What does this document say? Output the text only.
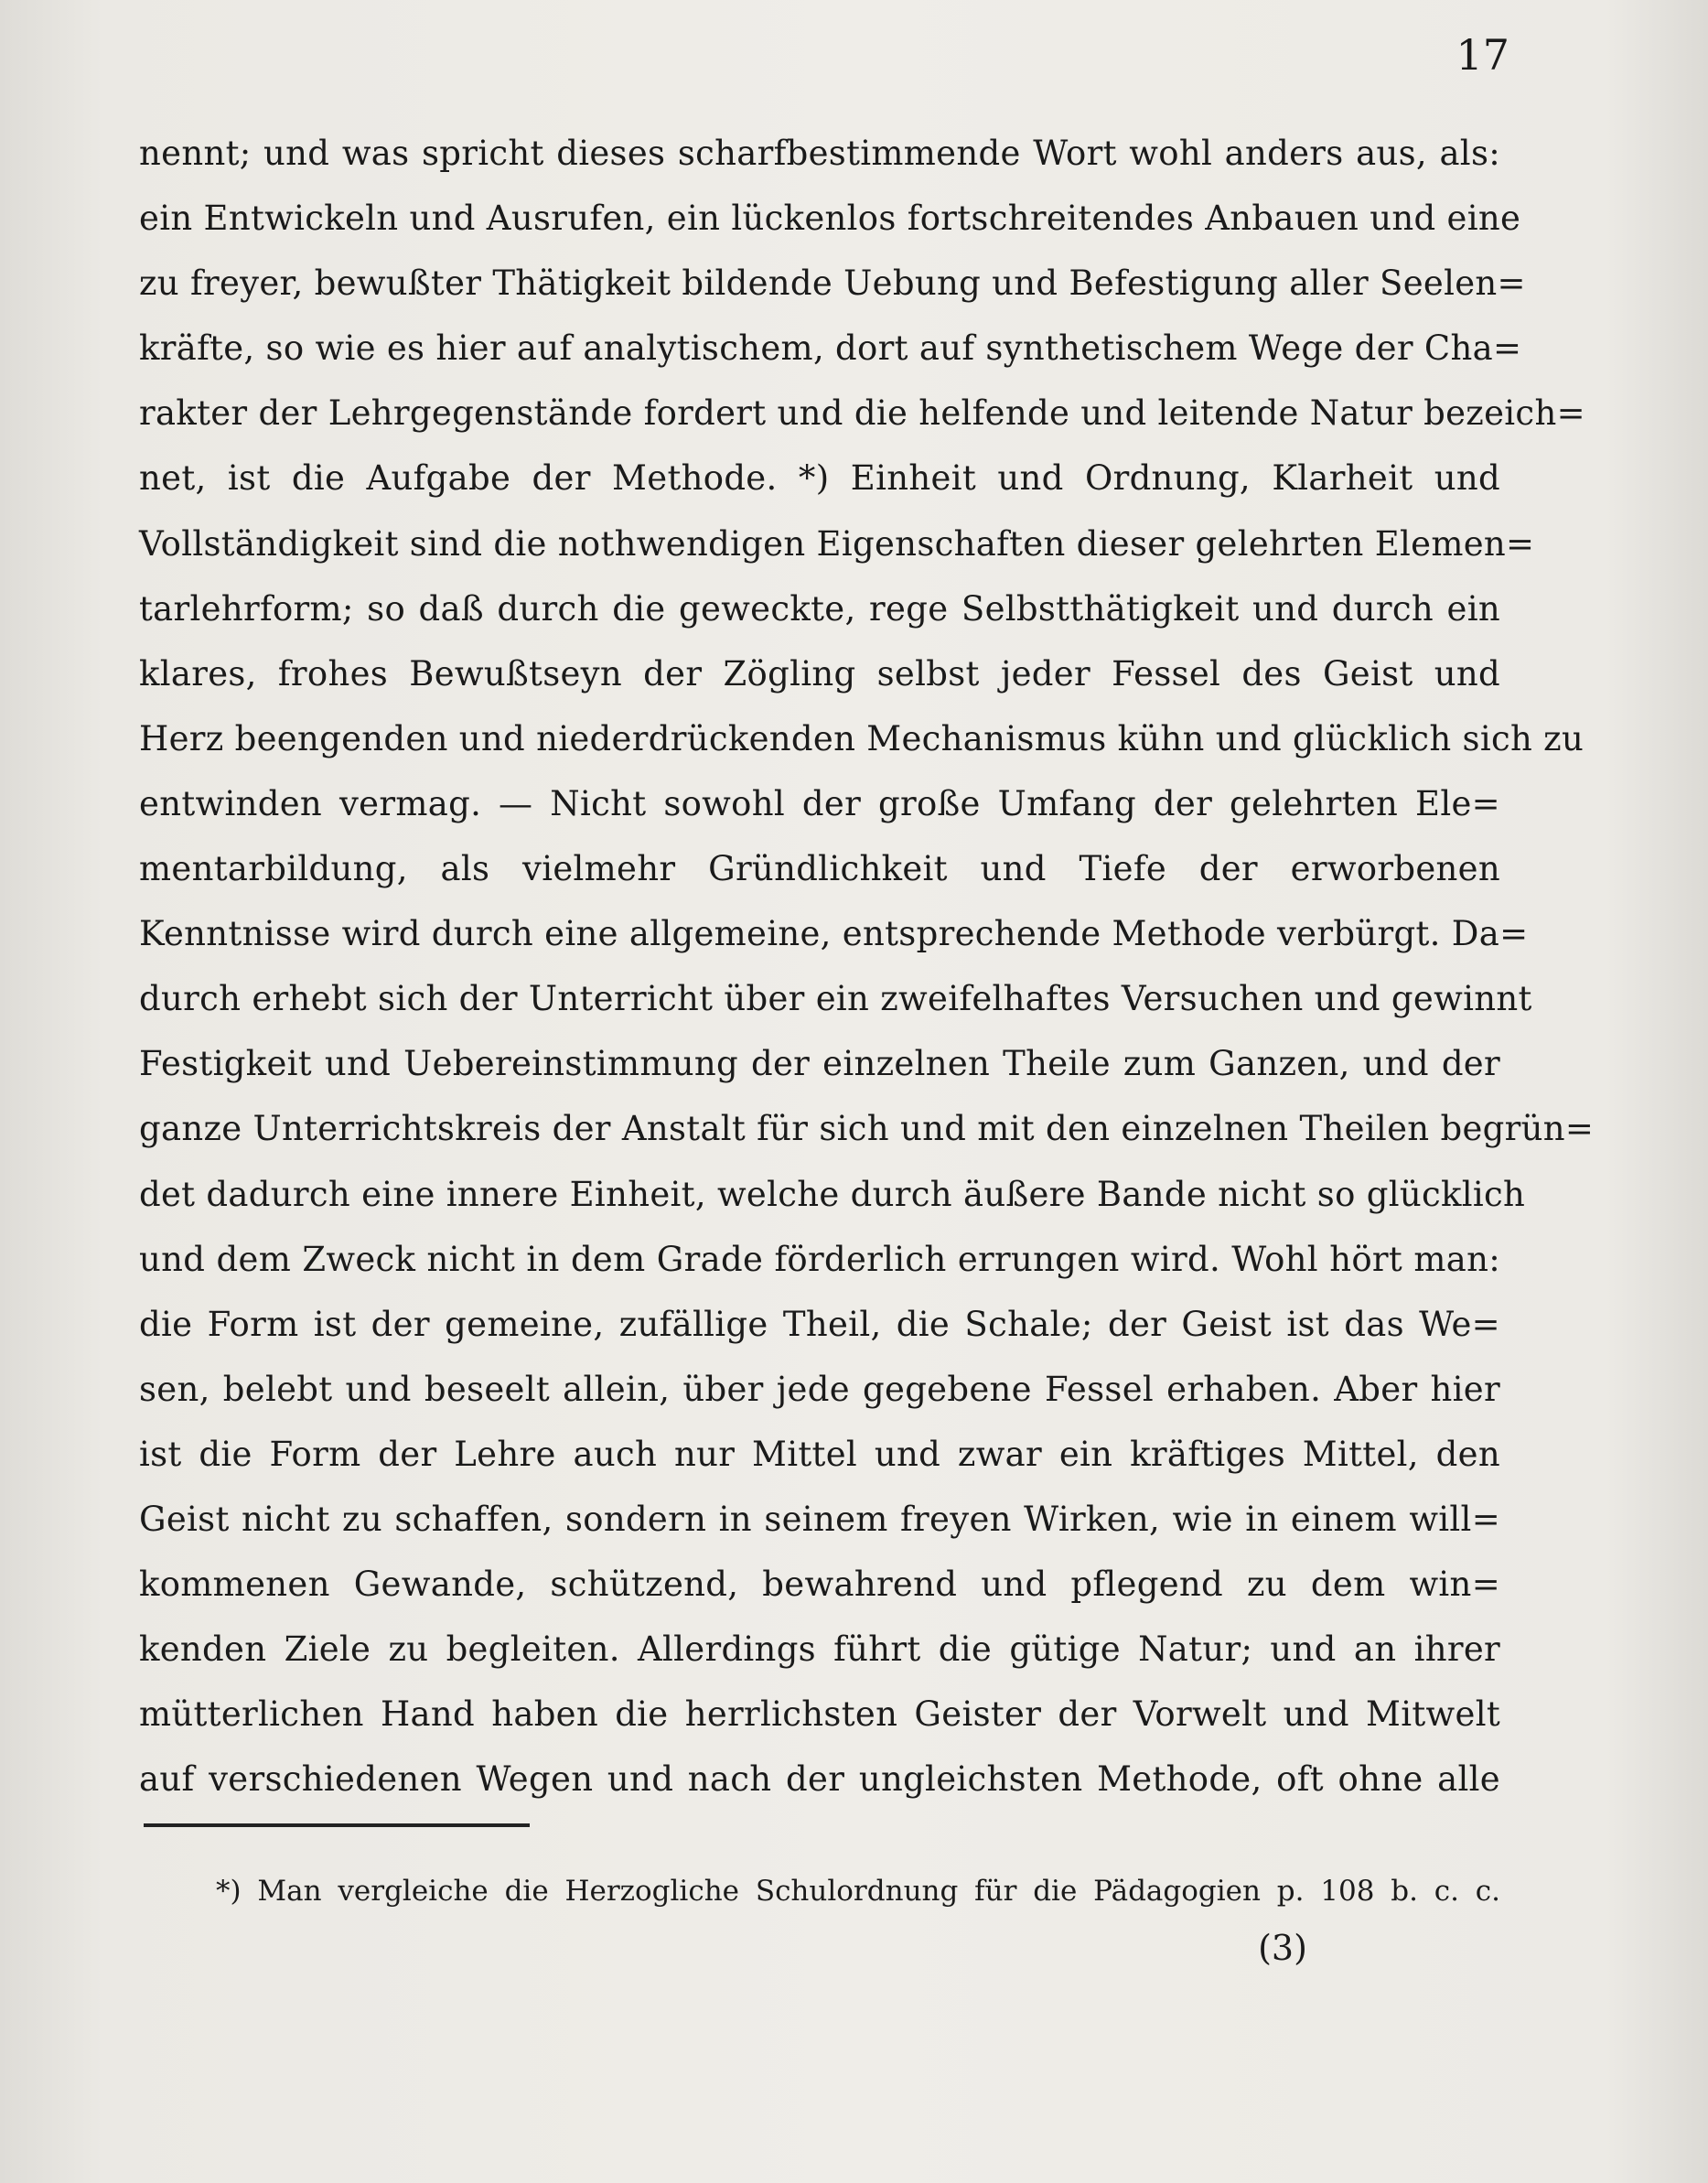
17
nennt; und was spricht dieses scharfbestimmende Wort wohl anders aus, als:
ein Entwickeln und Ausrufen, ein lückenlos fortschreitendes Anbauen und eine
zu freyer, bewußter Thätigkeit bildende Uebung und Befestigung aller Seelen=
kräfte, so wie es hier auf analytischem, dort auf synthetischem Wege der Cha=
rakter der Lehrgegenstände fordert und die helfende und leitende Natur bezeich=
net, ist die Aufgabe der Methode. *) Einheit und Ordnung, Klarheit und
Vollständigkeit sind die nothwendigen Eigenschaften dieser gelehrten Elemen=
tarlehrform; so daß durch die geweckte, rege Selbstthätigkeit und durch ein
klares, frohes Bewußtseyn der Zögling selbst jeder Fessel des Geist und
Herz beengenden und niederdrückenden Mechanismus kühn und glücklich sich zu
entwinden vermag. — Nicht sowohl der große Umfang der gelehrten Ele=
mentarbildung, als vielmehr Gründlichkeit und Tiefe der erworbenen
Kenntnisse wird durch eine allgemeine, entsprechende Methode verbürgt. Da=
durch erhebt sich der Unterricht über ein zweifelhaftes Versuchen und gewinnt
Festigkeit und Uebereinstimmung der einzelnen Theile zum Ganzen, und der
ganze Unterrichtskreis der Anstalt für sich und mit den einzelnen Theilen begrün=
det dadurch eine innere Einheit, welche durch äußere Bande nicht so glücklich
und dem Zweck nicht in dem Grade förderlich errungen wird. Wohl hört man:
die Form ist der gemeine, zufällige Theil, die Schale; der Geist ist das We=
sen, belebt und beseelt allein, über jede gegebene Fessel erhaben. Aber hier
ist die Form der Lehre auch nur Mittel und zwar ein kräftiges Mittel, den
Geist nicht zu schaffen, sondern in seinem freyen Wirken, wie in einem will=
kommenen Gewande, schützend, bewahrend und pflegend zu dem win=
kenden Ziele zu begleiten. Allerdings führt die gütige Natur; und an ihrer
mütterlichen Hand haben die herrlichsten Geister der Vorwelt und Mitwelt
auf verschiedenen Wegen und nach der ungleichsten Methode, oft ohne alle
*) Man vergleiche die Herzogliche Schulordnung für die Pädagogien p. 108 b. c. c.
(3)
